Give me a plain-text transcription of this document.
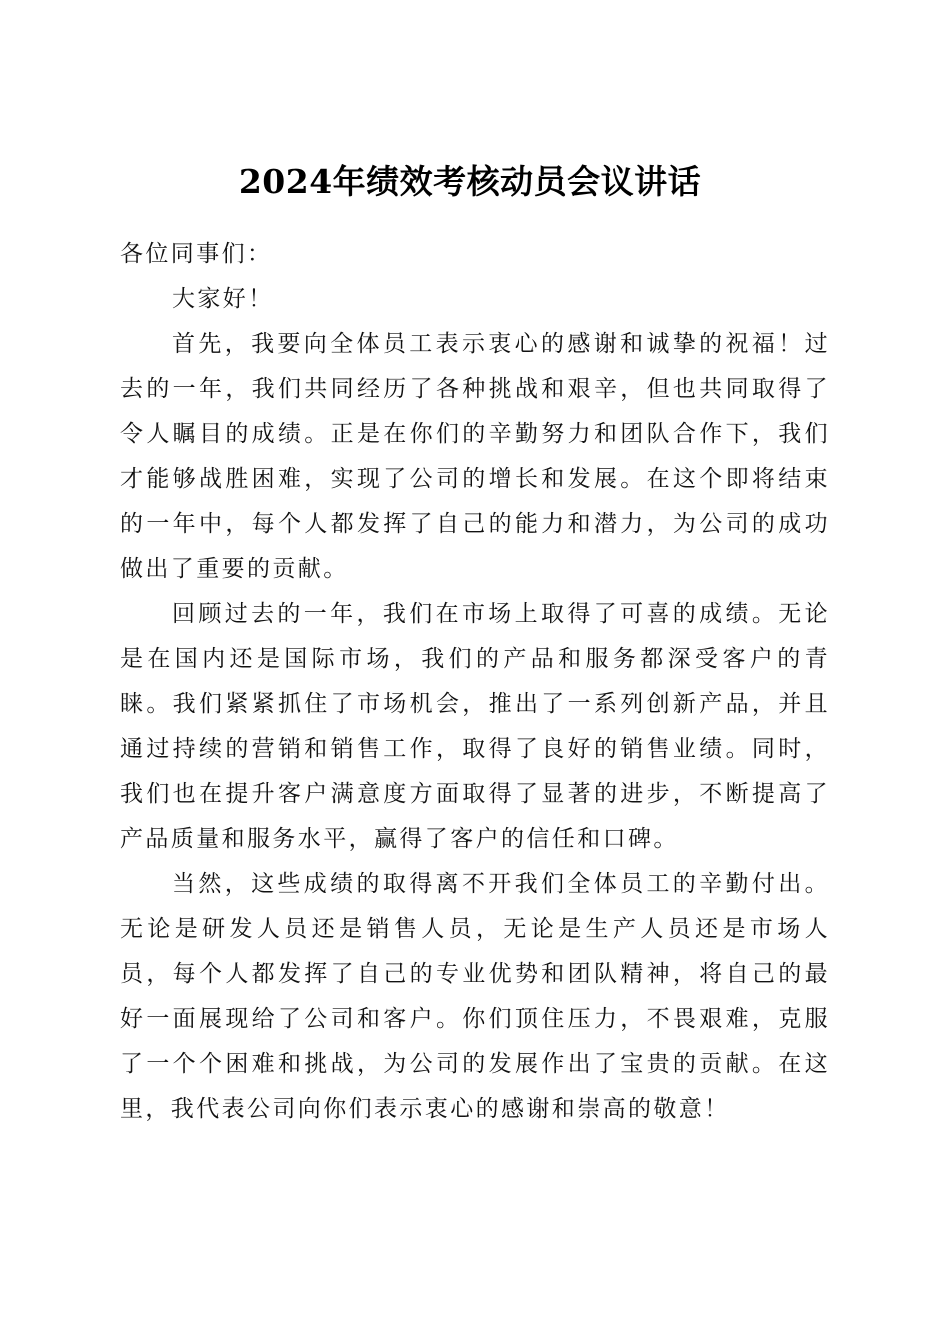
2024年绩效考核动员会议讲话

各位同事们：

大家好！

首先，我要向全体员工表示衷心的感谢和诚挚的祝福！过去的一年，我们共同经历了各种挑战和艰辛，但也共同取得了令人瞩目的成绩。正是在你们的辛勤努力和团队合作下，我们才能够战胜困难，实现了公司的增长和发展。在这个即将结束的一年中，每个人都发挥了自己的能力和潜力，为公司的成功做出了重要的贡献。

回顾过去的一年，我们在市场上取得了可喜的成绩。无论是在国内还是国际市场，我们的产品和服务都深受客户的青睐。我们紧紧抓住了市场机会，推出了一系列创新产品，并且通过持续的营销和销售工作，取得了良好的销售业绩。同时，我们也在提升客户满意度方面取得了显著的进步，不断提高了产品质量和服务水平，赢得了客户的信任和口碑。

当然，这些成绩的取得离不开我们全体员工的辛勤付出。无论是研发人员还是销售人员，无论是生产人员还是市场人员，每个人都发挥了自己的专业优势和团队精神，将自己的最好一面展现给了公司和客户。你们顶住压力，不畏艰难，克服了一个个困难和挑战，为公司的发展作出了宝贵的贡献。在这里，我代表公司向你们表示衷心的感谢和崇高的敬意！
